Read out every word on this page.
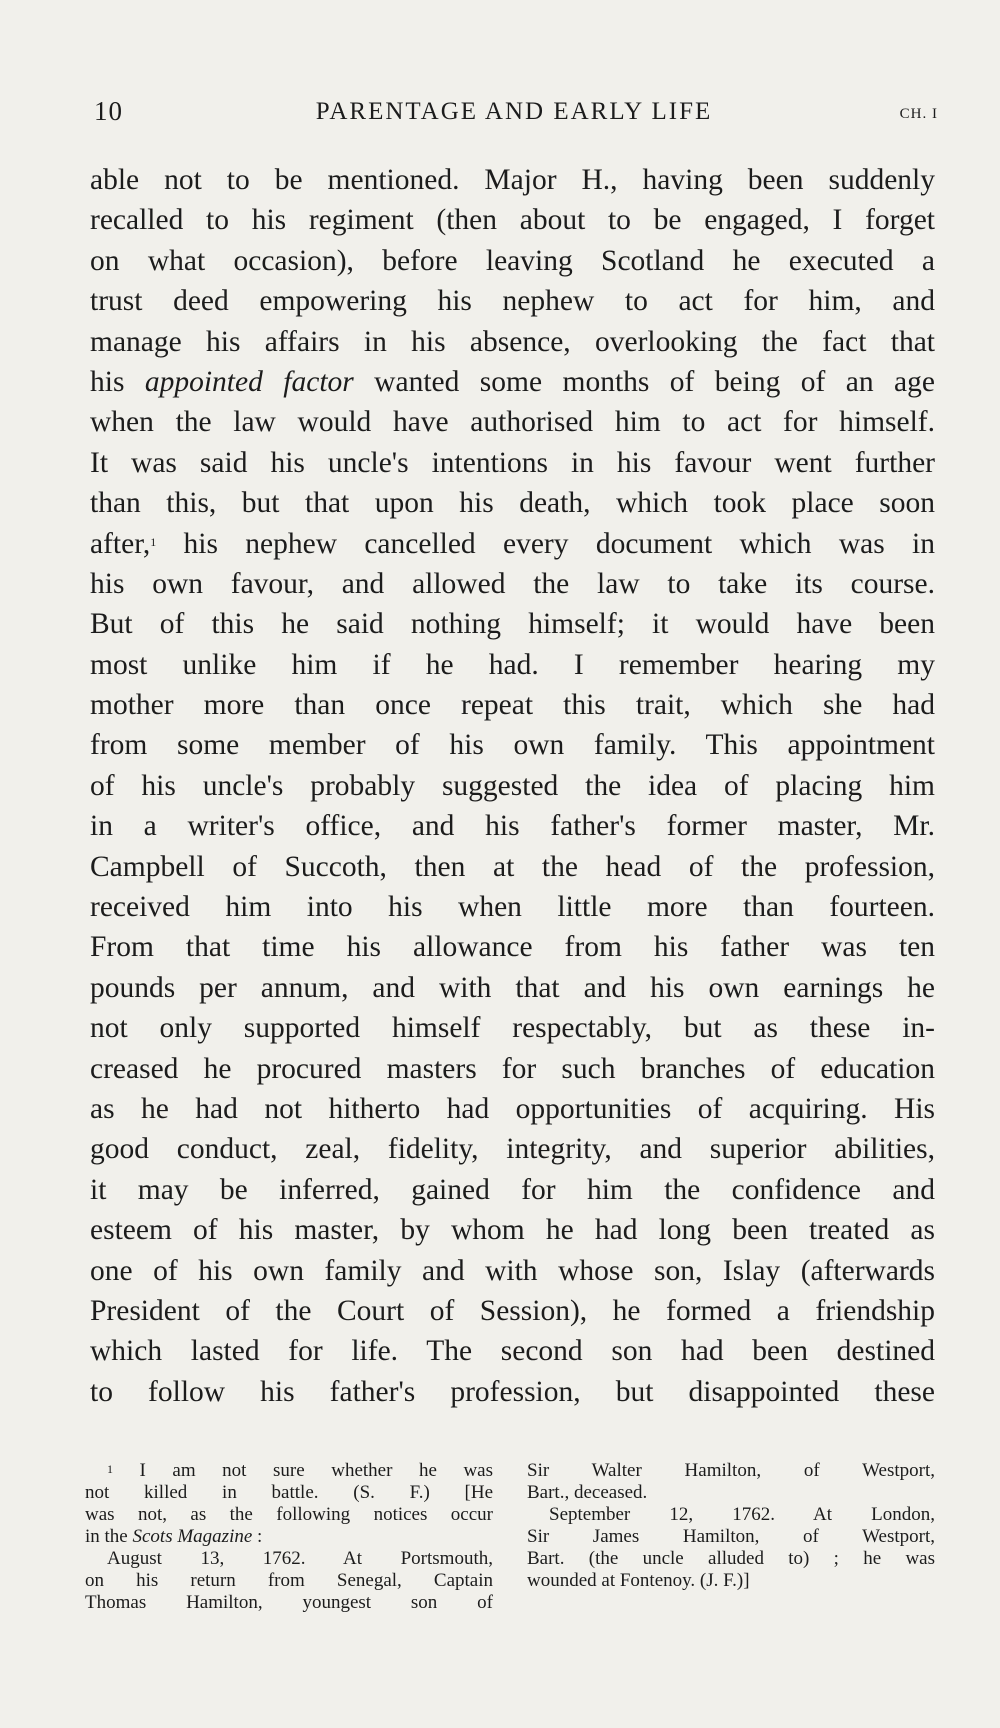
10	PARENTAGE AND EARLY LIFE	CH. I
able not to be mentioned. Major H., having been suddenly
recalled to his regiment (then about to be engaged, I forget
on what occasion), before leaving Scotland he executed a
trust deed empowering his nephew to act for him, and
manage his affairs in his absence, overlooking the fact that
his appointed factor wanted some months of being of an age
when the law would have authorised him to act for himself.
It was said his uncle's intentions in his favour went further
than this, but that upon his death, which took place soon
after,$^1$ his nephew cancelled every document which was in
his own favour, and allowed the law to take its course.
But of this he said nothing himself; it would have been
most unlike him if he had. I remember hearing my
mother more than once repeat this trait, which she had
from some member of his own family. This appointment
of his uncle's probably suggested the idea of placing him
in a writer's office, and his father's former master, Mr.
Campbell of Succoth, then at the head of the profession,
received him into his when little more than fourteen.
From that time his allowance from his father was ten
pounds per annum, and with that and his own earnings he
not only supported himself respectably, but as these in-
creased he procured masters for such branches of education
as he had not hitherto had opportunities of acquiring. His
good conduct, zeal, fidelity, integrity, and superior abilities,
it may be inferred, gained for him the confidence and
esteem of his master, by whom he had long been treated as
one of his own family and with whose son, Islay (afterwards
President of the Court of Session), he formed a friendship
which lasted for life. The second son had been destined
to follow his father's profession, but disappointed these
$^1$ I am not sure whether he was
not killed in battle. (S. F.) [He
was not, as the following notices occur
in the Scots Magazine :
August 13, 1762. At Portsmouth,
on his return from Senegal, Captain
Thomas Hamilton, youngest son of
Sir Walter Hamilton, of Westport,
Bart., deceased.
September 12, 1762. At London,
Sir James Hamilton, of Westport,
Bart. (the uncle alluded to) ; he was
wounded at Fontenoy. (J. F.)]
